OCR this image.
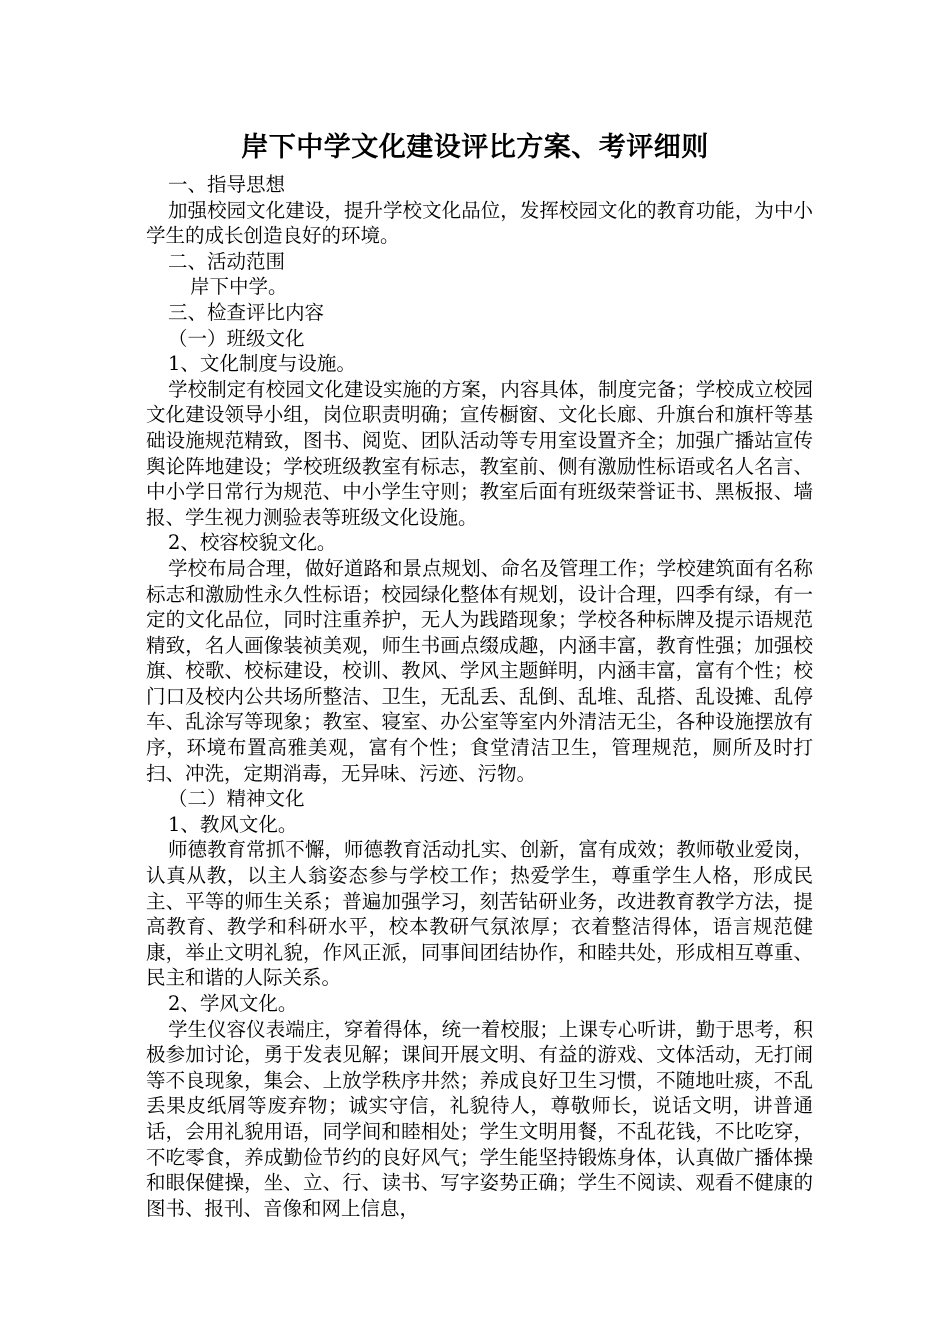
岸下中学文化建设评比方案、考评细则

一、指导思想

加强校园文化建设，提升学校文化品位，发挥校园文化的教育功能，为中小学生的成长创造良好的环境。

二、活动范围

岸下中学。

三、检查评比内容

（一）班级文化

1、文化制度与设施。

学校制定有校园文化建设实施的方案，内容具体，制度完备；学校成立校园文化建设领导小组，岗位职责明确；宣传橱窗、文化长廊、升旗台和旗杆等基础设施规范精致，图书、阅览、团队活动等专用室设置齐全；加强广播站宣传舆论阵地建设；学校班级教室有标志，教室前、侧有激励性标语或名人名言、中小学日常行为规范、中小学生守则；教室后面有班级荣誉证书、黑板报、墙报、学生视力测验表等班级文化设施。

2、校容校貌文化。

学校布局合理，做好道路和景点规划、命名及管理工作；学校建筑面有名称标志和激励性永久性标语；校园绿化整体有规划，设计合理，四季有绿，有一定的文化品位，同时注重养护，无人为践踏现象；学校各种标牌及提示语规范精致，名人画像装祯美观，师生书画点缀成趣，内涵丰富，教育性强；加强校旗、校歌、校标建设，校训、教风、学风主题鲜明，内涵丰富，富有个性；校门口及校内公共场所整洁、卫生，无乱丢、乱倒、乱堆、乱搭、乱设摊、乱停车、乱涂写等现象；教室、寝室、办公室等室内外清洁无尘，各种设施摆放有序，环境布置高雅美观，富有个性；食堂清洁卫生，管理规范，厕所及时打扫、冲洗，定期消毒，无异味、污迹、污物。

（二）精神文化

1、教风文化。

师德教育常抓不懈，师德教育活动扎实、创新，富有成效；教师敬业爱岗，认真从教，以主人翁姿态参与学校工作；热爱学生，尊重学生人格，形成民主、平等的师生关系；普遍加强学习，刻苦钻研业务，改进教育教学方法，提高教育、教学和科研水平，校本教研气氛浓厚；衣着整洁得体，语言规范健康，举止文明礼貌，作风正派，同事间团结协作，和睦共处，形成相互尊重、民主和谐的人际关系。

2、学风文化。

学生仪容仪表端庄，穿着得体，统一着校服；上课专心听讲，勤于思考，积极参加讨论，勇于发表见解；课间开展文明、有益的游戏、文体活动，无打闹等不良现象，集会、上放学秩序井然；养成良好卫生习惯，不随地吐痰，不乱丢果皮纸屑等废弃物；诚实守信，礼貌待人，尊敬师长，说话文明，讲普通话，会用礼貌用语，同学间和睦相处；学生文明用餐，不乱花钱，不比吃穿，不吃零食，养成勤俭节约的良好风气；学生能坚持锻炼身体，认真做广播体操和眼保健操，坐、立、行、读书、写字姿势正确；学生不阅读、观看不健康的图书、报刊、音像和网上信息，
